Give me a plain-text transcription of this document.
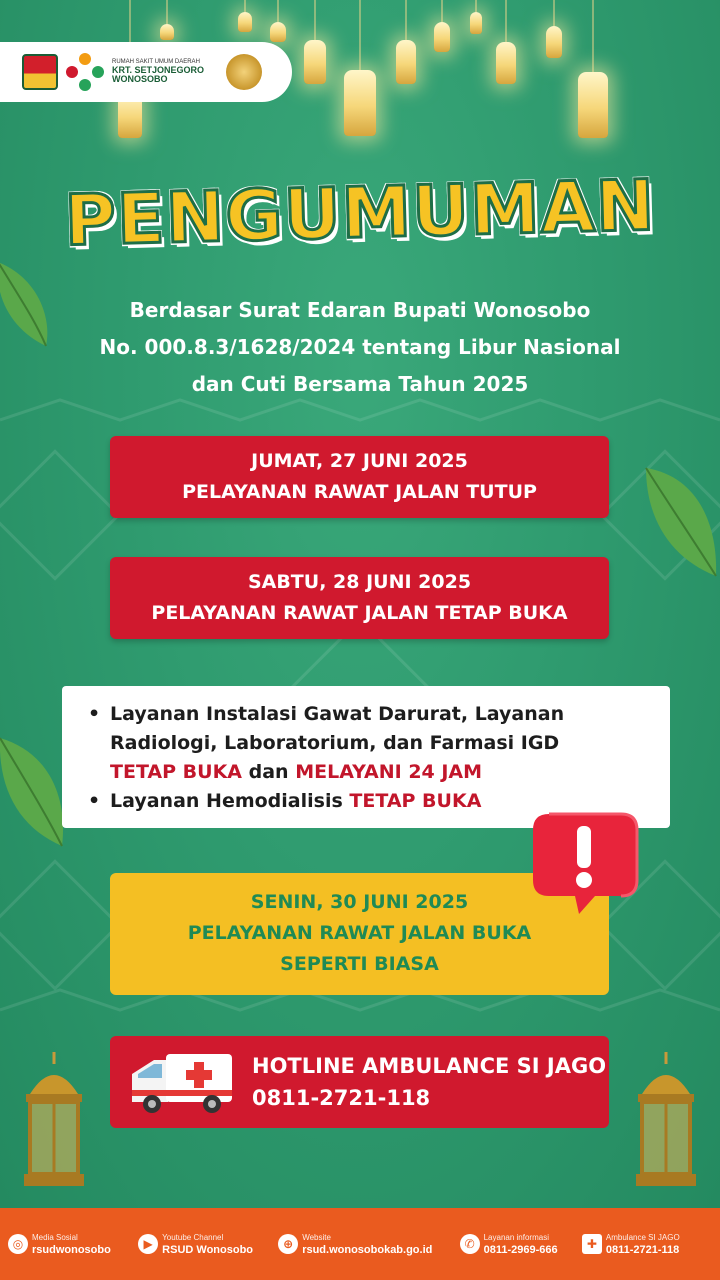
RUMAH SAKIT UMUM DAERAH
KRT. SETJONEGORO
WONOSOBO
PENGUMUMAN
Berdasar Surat Edaran Bupati Wonosobo
No. 000.8.3/1628/2024 tentang Libur Nasional
dan Cuti Bersama Tahun 2025
JUMAT, 27 JUNI 2025
PELAYANAN RAWAT JALAN TUTUP
SABTU, 28 JUNI 2025
PELAYANAN RAWAT JALAN TETAP BUKA
• Layanan Instalasi Gawat Darurat, Layanan
Radiologi, Laboratorium, dan Farmasi IGD
TETAP BUKA dan MELAYANI 24 JAM
• Layanan Hemodialisis TETAP BUKA
SENIN, 30 JUNI 2025
PELAYANAN RAWAT JALAN BUKA
SEPERTI BIASA
HOTLINE AMBULANCE SI JAGO
0811-2721-118
◎	Media Sosial
rsudwonosobo	▶	Youtube Channel
RSUD Wonosobo	⊕	Website
rsud.wonosobokab.go.id	✆	Layanan informasi
0811-2969-666	✚	Ambulance SI JAGO
0811-2721-118
